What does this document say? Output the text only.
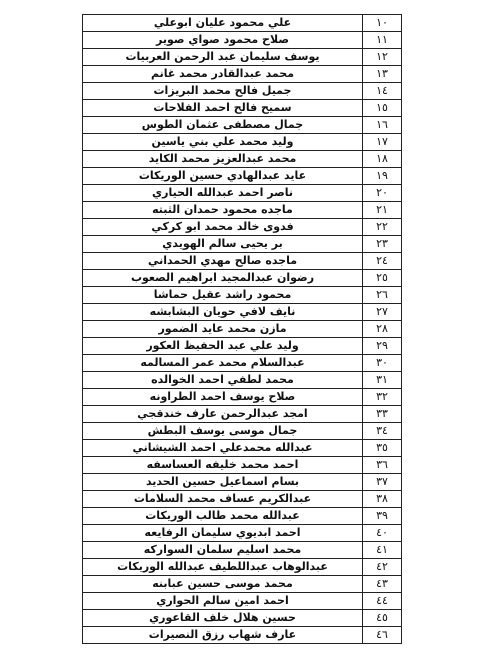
١٠	علي محمود عليان ابوعلي
١١	صلاح محمود صواي صوير
١٢	يوسف سليمان عبد الرحمن العربيات
١٣	محمد عبدالقادر محمد غانم
١٤	جميل فالح محمد البريزات
١٥	سميح فالح احمد الفلاحات
١٦	جمال مصطفى عثمان الطوس
١٧	وليد محمد علي بني ياسين
١٨	محمد عبدالعزيز محمد الكايد
١٩	عايد عبدالهادي حسين الوريكات
٢٠	ناصر احمد عبدالله الحياري
٢١	ماجده محمود حمدان الثبته
٢٢	فدوى خالد محمد ابو كركي
٢٣	بر يحيى سالم الهويدي
٢٤	ماجده صالح مهدي الحمداني
٢٥	رضوان عبدالمجيد ابراهيم الصعوب
٢٦	محمود راشد عقيل حماشا
٢٧	نايف لافي حويان البشابشه
٢٨	مازن محمد عايد الضمور
٢٩	وليد علي عبد الحفيظ العكور
٣٠	عبدالسلام محمد عمر المسالمه
٣١	محمد لطفي احمد الخوالده
٣٢	صلاح يوسف احمد الطراونه
٣٣	امجد عبدالرحمن عارف خندقجي
٣٤	جمال موسى يوسف البطش
٣٥	عبدالله محمدعلي احمد الشيشاني
٣٦	احمد محمد خليفه العساسفه
٣٧	بسام اسماعيل حسين الحديد
٣٨	عبدالكريم عساف محمد السلامات
٣٩	عبدالله محمد طالب الوريكات
٤٠	احمد ابديوي سليمان الرفايعه
٤١	محمد اسليم سلمان السواركه
٤٢	عبدالوهاب عبداللطيف عبدالله الوريكات
٤٣	محمد موسى حسين عبابنه
٤٤	احمد امين سالم الحواري
٤٥	حسين هلال خلف القاعوري
٤٦	عارف شهاب رزق النصيرات
